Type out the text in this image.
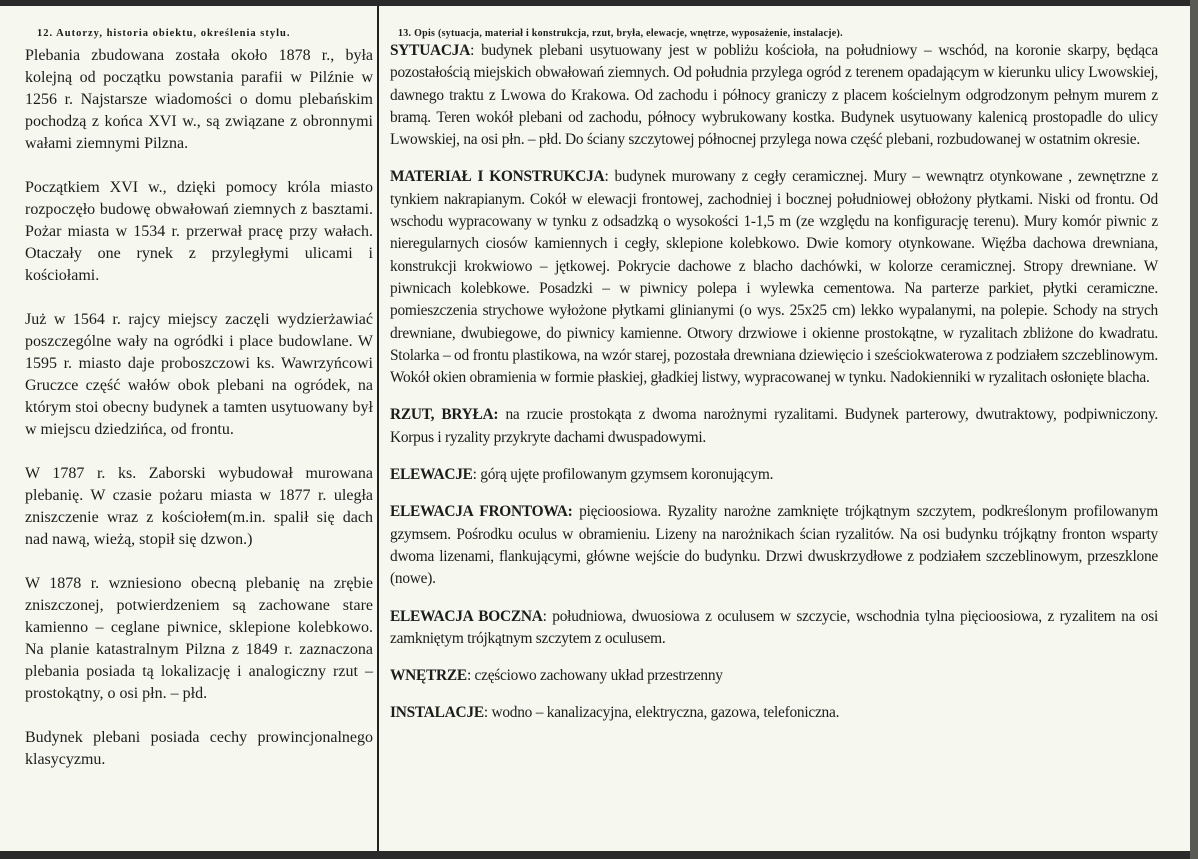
12. Autorzy, historia obiektu, określenia stylu.

Plebania zbudowana została około 1878 r., była kolejną od początku powstania parafii w Pilźnie w 1256 r. Najstarsze wiadomości o domu plebańskim pochodzą z końca XVI w., są związane z obronnymi wałami ziemnymi Pilzna.

Początkiem XVI w., dzięki pomocy króla miasto rozpoczęło budowę obwałowań ziemnych z basztami. Pożar miasta w 1534 r. przerwał pracę przy wałach. Otaczały one rynek z przyległymi ulicami i kościołami.

Już w 1564 r. rajcy miejscy zaczęli wydzierżawiać poszczególne wały na ogródki i place budowlane. W 1595 r. miasto daje proboszczowi ks. Wawrzyńcowi Gruczce część wałów obok plebani na ogródek, na którym stoi obecny budynek a tamten usytuowany był w miejscu dziedzińca, od frontu.

W 1787 r. ks. Zaborski wybudował murowana plebanię. W czasie pożaru miasta w 1877 r. uległa zniszczenie wraz z kościołem(m.in. spalił się dach nad nawą, wieżą, stopił się dzwon.)

W 1878 r. wzniesiono obecną plebanię na zrębie zniszczonej, potwierdzeniem są zachowane stare kamienno – ceglane piwnice, sklepione kolebkowo. Na planie katastralnym Pilzna z 1849 r. zaznaczona plebania posiada tą lokalizację i analogiczny rzut – prostokątny, o osi płn. – płd.

Budynek plebani posiada cechy prowincjonalnego klasycyzmu.

13. Opis (sytuacja, materiał i konstrukcja, rzut, bryła, elewacje, wnętrze, wyposażenie, instalacje).

SYTUACJA: budynek plebani usytuowany jest w pobliżu kościoła, na południowy – wschód, na koronie skarpy, będąca pozostałością miejskich obwałowań ziemnych. Od południa przylega ogród z terenem opadającym w kierunku ulicy Lwowskiej, dawnego traktu z Lwowa do Krakowa. Od zachodu i północy graniczy z placem kościelnym odgrodzonym pełnym murem z bramą. Teren wokół plebani od zachodu, północy wybrukowany kostka. Budynek usytuowany kalenicą prostopadle do ulicy Lwowskiej, na osi płn. – płd. Do ściany szczytowej północnej przylega nowa część plebani, rozbudowanej w ostatnim okresie.

MATERIAŁ I KONSTRUKCJA: budynek murowany z cegły ceramicznej. Mury – wewnątrz otynkowane , zewnętrzne z tynkiem nakrapianym. Cokół w elewacji frontowej, zachodniej i bocznej południowej obłożony płytkami. Niski od frontu. Od wschodu wypracowany w tynku z odsadzką o wysokości 1-1,5 m (ze względu na konfigurację terenu). Mury komór piwnic z nieregularnych ciosów kamiennych i cegły, sklepione kolebkowo. Dwie komory otynkowane. Więźba dachowa drewniana, konstrukcji krokwiowo – jętkowej. Pokrycie dachowe z blacho dachówki, w kolorze ceramicznej. Stropy drewniane. W piwnicach kolebkowe. Posadzki – w piwnicy polepa i wylewka cementowa. Na parterze parkiet, płytki ceramiczne. pomieszczenia strychowe wyłożone płytkami glinianymi (o wys. 25x25 cm) lekko wypalanymi, na polepie. Schody na strych drewniane, dwubiegowe, do piwnicy kamienne. Otwory drzwiowe i okienne prostokątne, w ryzalitach zbliżone do kwadratu. Stolarka – od frontu plastikowa, na wzór starej, pozostała drewniana dziewięcio i sześciokwaterowa z podziałem szczeblinowym. Wokół okien obramienia w formie płaskiej, gładkiej listwy, wypracowanej w tynku. Nadokienniki w ryzalitach osłonięte blacha.

RZUT, BRYŁA: na rzucie prostokąta z dwoma narożnymi ryzalitami. Budynek parterowy, dwutraktowy, podpiwniczony. Korpus i ryzality przykryte dachami dwuspadowymi.

ELEWACJE: górą ujęte profilowanym gzymsem koronującym.

ELEWACJA FRONTOWA: pięcioosiowa. Ryzality narożne zamknięte trójkątnym szczytem, podkreślonym profilowanym gzymsem. Pośrodku oculus w obramieniu. Lizeny na narożnikach ścian ryzalitów. Na osi budynku trójkątny fronton wsparty dwoma lizenami, flankującymi, główne wejście do budynku. Drzwi dwuskrzydłowe z podziałem szczeblinowym, przeszklone (nowe).

ELEWACJA BOCZNA: południowa, dwuosiowa z oculusem w szczycie, wschodnia tylna pięcioosiowa, z ryzalitem na osi zamkniętym trójkątnym szczytem z oculusem.

WNĘTRZE: częściowo zachowany układ przestrzenny

INSTALACJE: wodno – kanalizacyjna, elektryczna, gazowa, telefoniczna.
